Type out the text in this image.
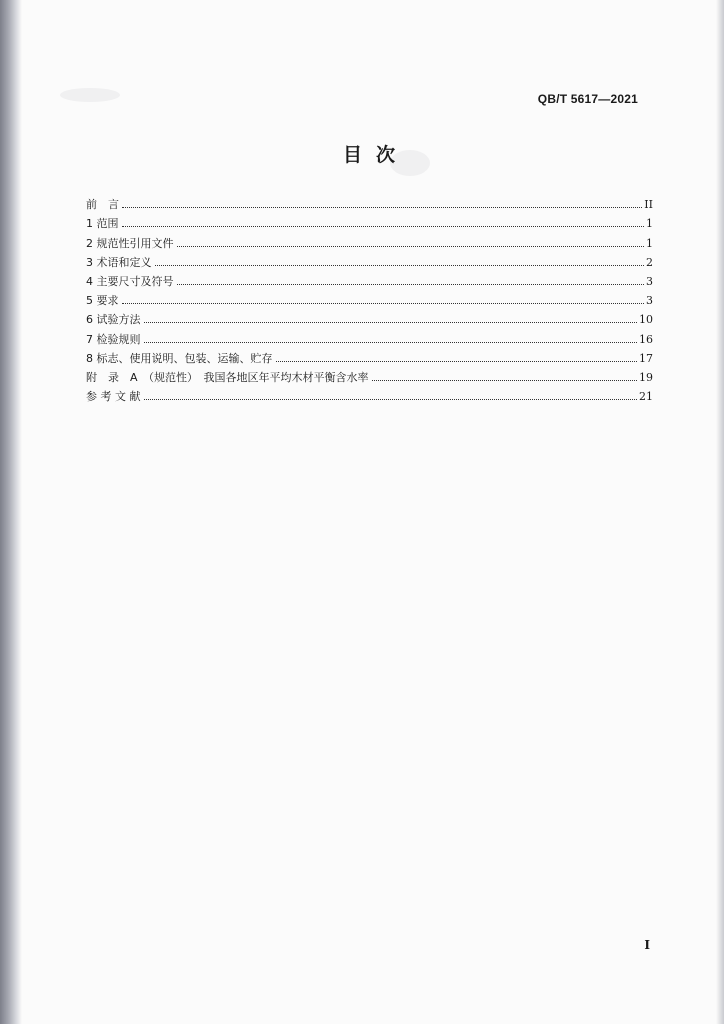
QB/T 5617—2021
目次
前　言	II
1 范围	1
2 规范性引用文件	1
3 术语和定义	2
4 主要尺寸及符号	3
5 要求	3
6 试验方法	10
7 检验规则	16
8 标志、使用说明、包装、运输、贮存	17
附　录　A　（规范性）　我国各地区年平均木材平衡含水率	19
参 考 文 献	21
I
